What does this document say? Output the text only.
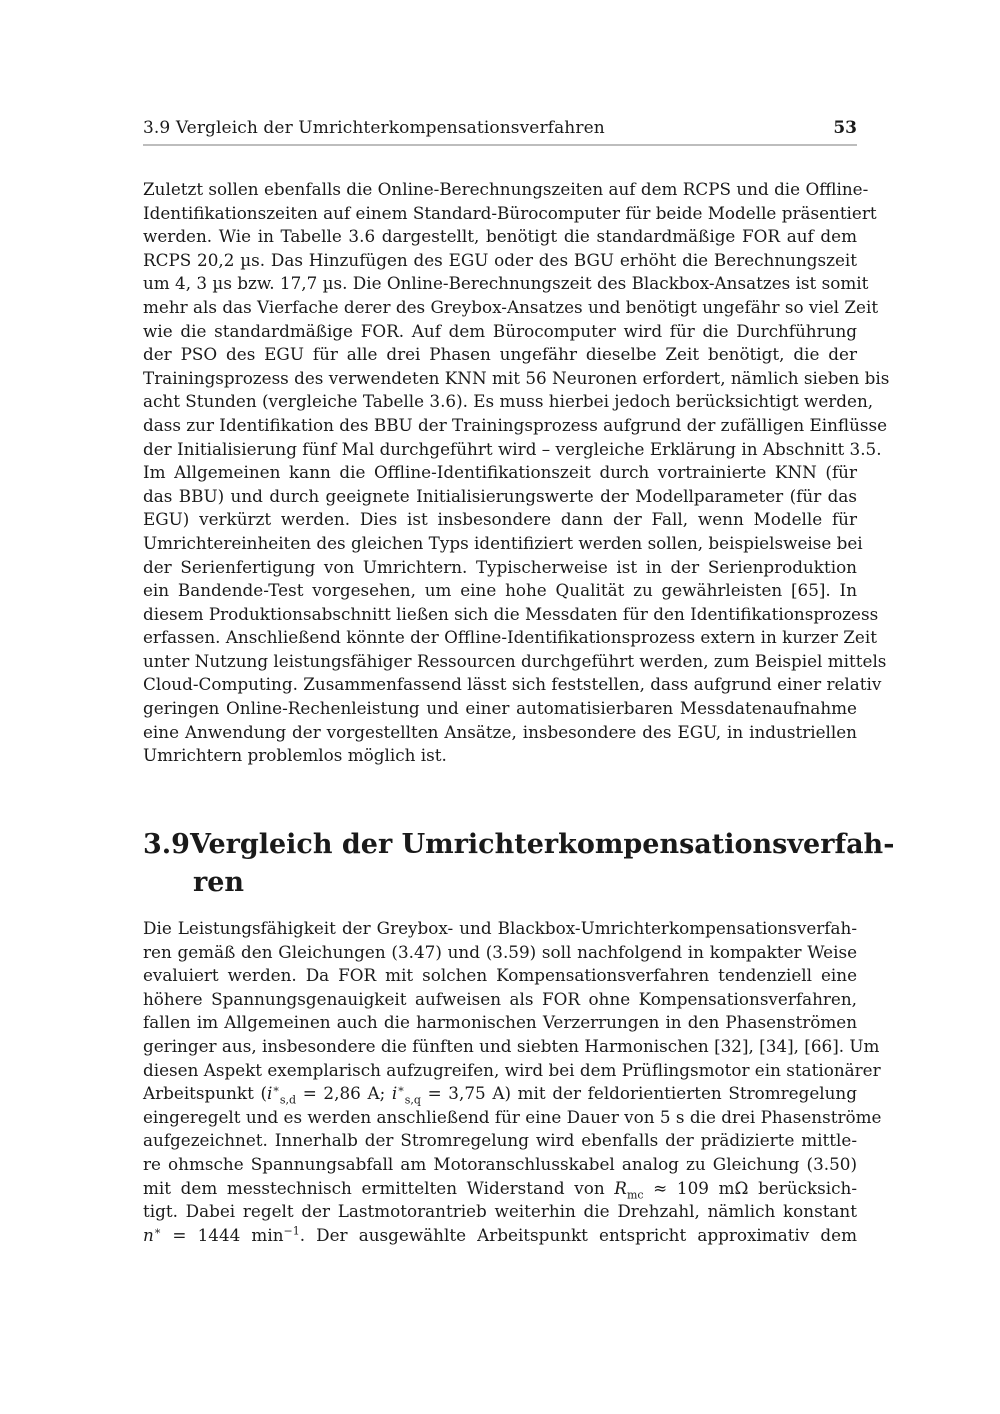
3.9 Vergleich der Umrichterkompensationsverfahren	53
Zuletzt sollen ebenfalls die Online-Berechnungszeiten auf dem RCPS und die Offline-
Identifikationszeiten auf einem Standard-Bürocomputer für beide Modelle präsentiert
werden. Wie in Tabelle 3.6 dargestellt, benötigt die standardmäßige FOR auf dem
RCPS 20,2 µs. Das Hinzufügen des EGU oder des BGU erhöht die Berechnungszeit
um 4, 3 µs bzw. 17,7 µs. Die Online-Berechnungszeit des Blackbox-Ansatzes ist somit
mehr als das Vierfache derer des Greybox-Ansatzes und benötigt ungefähr so viel Zeit
wie die standardmäßige FOR. Auf dem Bürocomputer wird für die Durchführung
der PSO des EGU für alle drei Phasen ungefähr dieselbe Zeit benötigt, die der
Trainingsprozess des verwendeten KNN mit 56 Neuronen erfordert, nämlich sieben bis
acht Stunden (vergleiche Tabelle 3.6). Es muss hierbei jedoch berücksichtigt werden,
dass zur Identifikation des BBU der Trainingsprozess aufgrund der zufälligen Einflüsse
der Initialisierung fünf Mal durchgeführt wird – vergleiche Erklärung in Abschnitt 3.5.
Im Allgemeinen kann die Offline-Identifikationszeit durch vortrainierte KNN (für
das BBU) und durch geeignete Initialisierungswerte der Modellparameter (für das
EGU) verkürzt werden. Dies ist insbesondere dann der Fall, wenn Modelle für
Umrichtereinheiten des gleichen Typs identifiziert werden sollen, beispielsweise bei
der Serienfertigung von Umrichtern. Typischerweise ist in der Serienproduktion
ein Bandende-Test vorgesehen, um eine hohe Qualität zu gewährleisten [65]. In
diesem Produktionsabschnitt ließen sich die Messdaten für den Identifikationsprozess
erfassen. Anschließend könnte der Offline-Identifikationsprozess extern in kurzer Zeit
unter Nutzung leistungsfähiger Ressourcen durchgeführt werden, zum Beispiel mittels
Cloud-Computing. Zusammenfassend lässt sich feststellen, dass aufgrund einer relativ
geringen Online-Rechenleistung und einer automatisierbaren Messdatenaufnahme
eine Anwendung der vorgestellten Ansätze, insbesondere des EGU, in industriellen
Umrichtern problemlos möglich ist.
3.9 Vergleich der Umrichterkompensationsverfah-
ren
Die Leistungsfähigkeit der Greybox- und Blackbox-Umrichterkompensationsverfah-
ren gemäß den Gleichungen (3.47) und (3.59) soll nachfolgend in kompakter Weise
evaluiert werden. Da FOR mit solchen Kompensationsverfahren tendenziell eine
höhere Spannungsgenauigkeit aufweisen als FOR ohne Kompensationsverfahren,
fallen im Allgemeinen auch die harmonischen Verzerrungen in den Phasenströmen
geringer aus, insbesondere die fünften und siebten Harmonischen [32], [34], [66]. Um
diesen Aspekt exemplarisch aufzugreifen, wird bei dem Prüflingsmotor ein stationärer
Arbeitspunkt ($i^∗_{s,d} = 2,86$ A; $i^∗_{s,q} = 3,75$ A) mit der feldorientierten Stromregelung
eingeregelt und es werden anschließend für eine Dauer von 5 s die drei Phasenströme
aufgezeichnet. Innerhalb der Stromregelung wird ebenfalls der prädizierte mittle-
re ohmsche Spannungsabfall am Motoranschlusskabel analog zu Gleichung (3.50)
mit dem messtechnisch ermittelten Widerstand von $R_{mc} \approx 109$ mΩ berücksich-
tigt. Dabei regelt der Lastmotorantrieb weiterhin die Drehzahl, nämlich konstant
n∗ = 1444 $\min^{-1}$. Der ausgewählte Arbeitspunkt entspricht approximativ dem
